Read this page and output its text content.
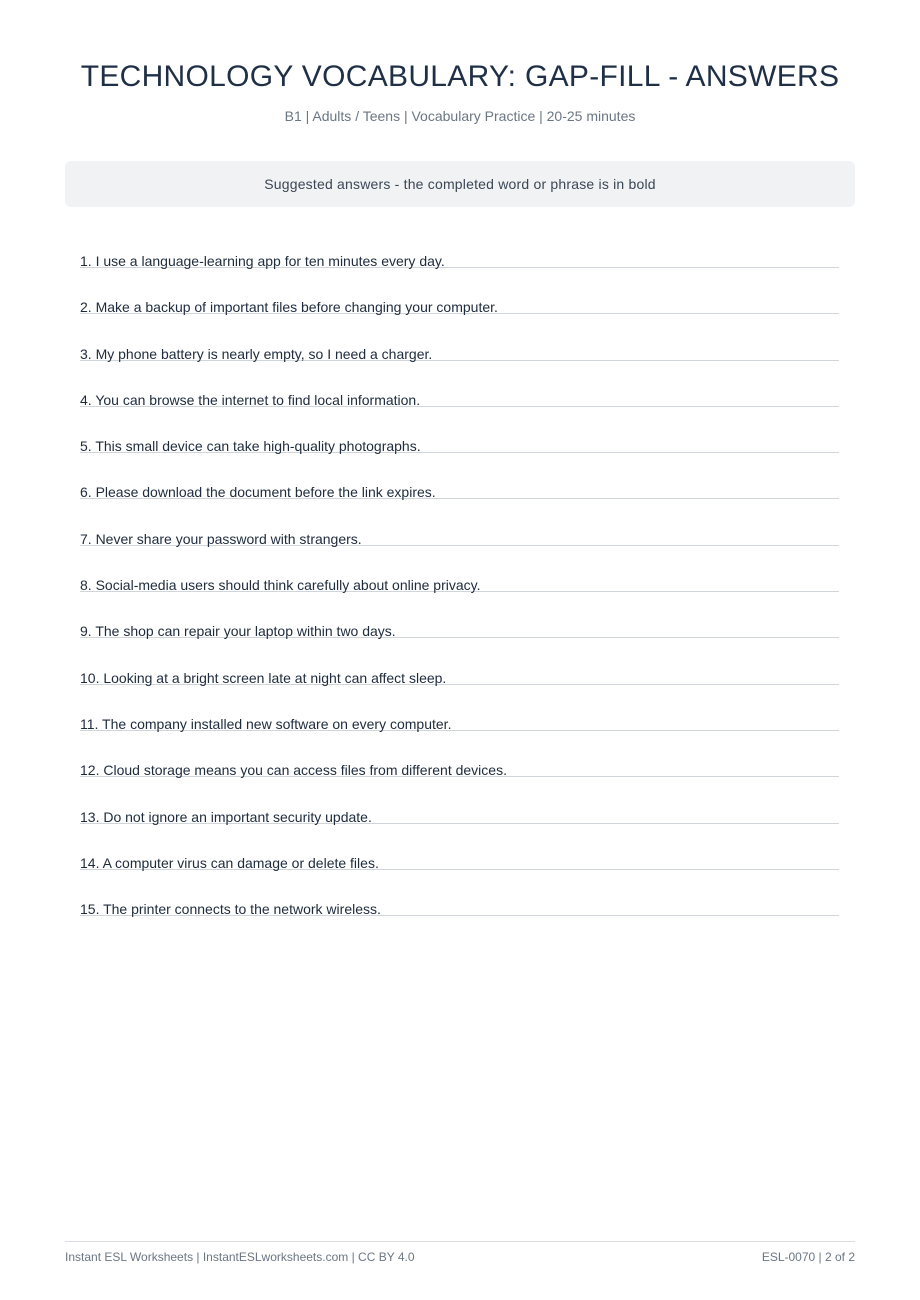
TECHNOLOGY VOCABULARY: GAP-FILL - ANSWERS

B1 | Adults / Teens | Vocabulary Practice | 20-25 minutes

Suggested answers - the completed word or phrase is in bold
1. I use a language-learning app for ten minutes every day.
2. Make a backup of important files before changing your computer.
3. My phone battery is nearly empty, so I need a charger.
4. You can browse the internet to find local information.
5. This small device can take high-quality photographs.
6. Please download the document before the link expires.
7. Never share your password with strangers.
8. Social-media users should think carefully about online privacy.
9. The shop can repair your laptop within two days.
10. Looking at a bright screen late at night can affect sleep.
11. The company installed new software on every computer.
12. Cloud storage means you can access files from different devices.
13. Do not ignore an important security update.
14. A computer virus can damage or delete files.
15. The printer connects to the network wireless.
Instant ESL Worksheets | InstantESLworksheets.com | CC BY 4.0	ESL-0070 | 2 of 2
